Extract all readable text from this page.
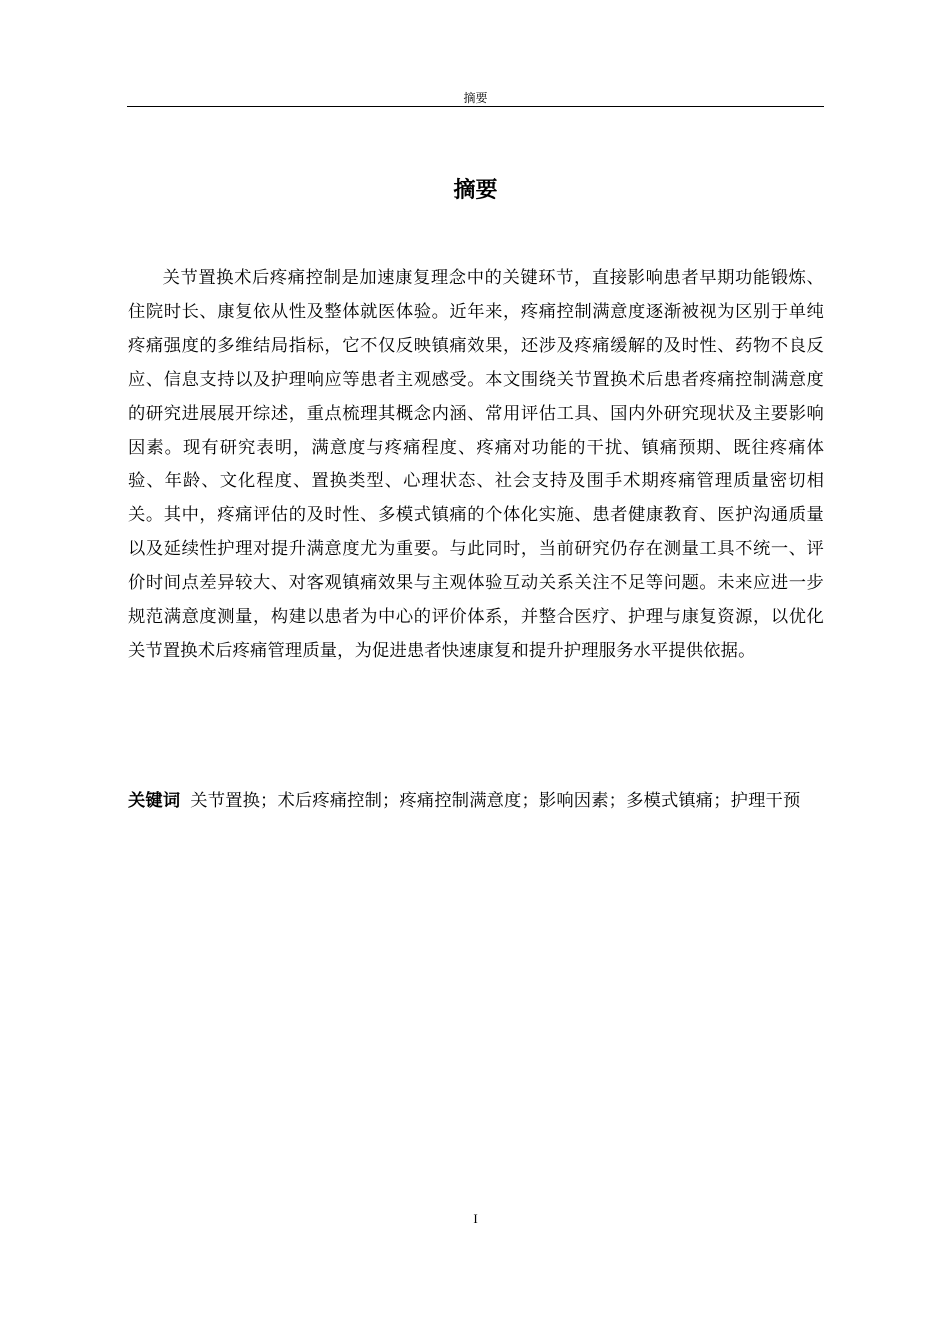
摘要
摘要

关节置换术后疼痛控制是加速康复理念中的关键环节，直接影响患者早期功能锻炼、住院时长、康复依从性及整体就医体验。近年来，疼痛控制满意度逐渐被视为区别于单纯疼痛强度的多维结局指标，它不仅反映镇痛效果，还涉及疼痛缓解的及时性、药物不良反应、信息支持以及护理响应等患者主观感受。本文围绕关节置换术后患者疼痛控制满意度的研究进展展开综述，重点梳理其概念内涵、常用评估工具、国内外研究现状及主要影响因素。现有研究表明，满意度与疼痛程度、疼痛对功能的干扰、镇痛预期、既往疼痛体验、年龄、文化程度、置换类型、心理状态、社会支持及围手术期疼痛管理质量密切相关。其中，疼痛评估的及时性、多模式镇痛的个体化实施、患者健康教育、医护沟通质量以及延续性护理对提升满意度尤为重要。与此同时，当前研究仍存在测量工具不统一、评价时间点差异较大、对客观镇痛效果与主观体验互动关系关注不足等问题。未来应进一步规范满意度测量，构建以患者为中心的评价体系，并整合医疗、护理与康复资源，以优化关节置换术后疼痛管理质量，为促进患者快速康复和提升护理服务水平提供依据。

关键词 关节置换；术后疼痛控制；疼痛控制满意度；影响因素；多模式镇痛；护理干预

I
